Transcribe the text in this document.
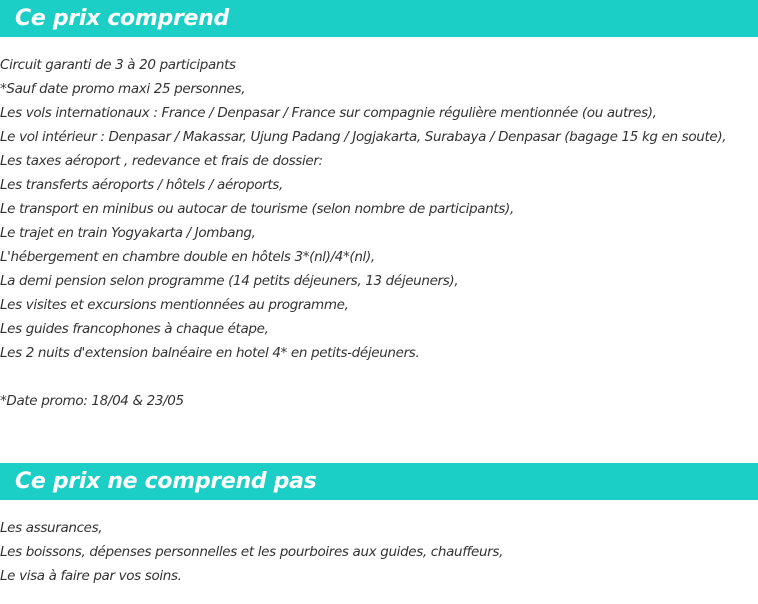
Ce prix comprend
Circuit garanti de 3 à 20 participants
*Sauf date promo maxi 25 personnes,
Les vols internationaux : France / Denpasar / France sur compagnie régulière mentionnée (ou autres),
Le vol intérieur : Denpasar / Makassar, Ujung Padang / Jogjakarta, Surabaya / Denpasar (bagage 15 kg en soute),
Les taxes aéroport , redevance et frais de dossier:
Les transferts aéroports / hôtels / aéroports,
Le transport en minibus ou autocar de tourisme (selon nombre de participants),
Le trajet en train Yogyakarta / Jombang,
L'hébergement en chambre double en hôtels 3*(nl)/4*(nl),
La demi pension selon programme (14 petits déjeuners, 13 déjeuners),
Les visites et excursions mentionnées au programme,
Les guides francophones à chaque étape,
Les 2 nuits d'extension balnéaire en hotel 4* en petits-déjeuners.
*Date promo: 18/04 & 23/05
Ce prix ne comprend pas
Les assurances,
Les boissons, dépenses personnelles et les pourboires aux guides, chauffeurs,
Le visa à faire par vos soins.
